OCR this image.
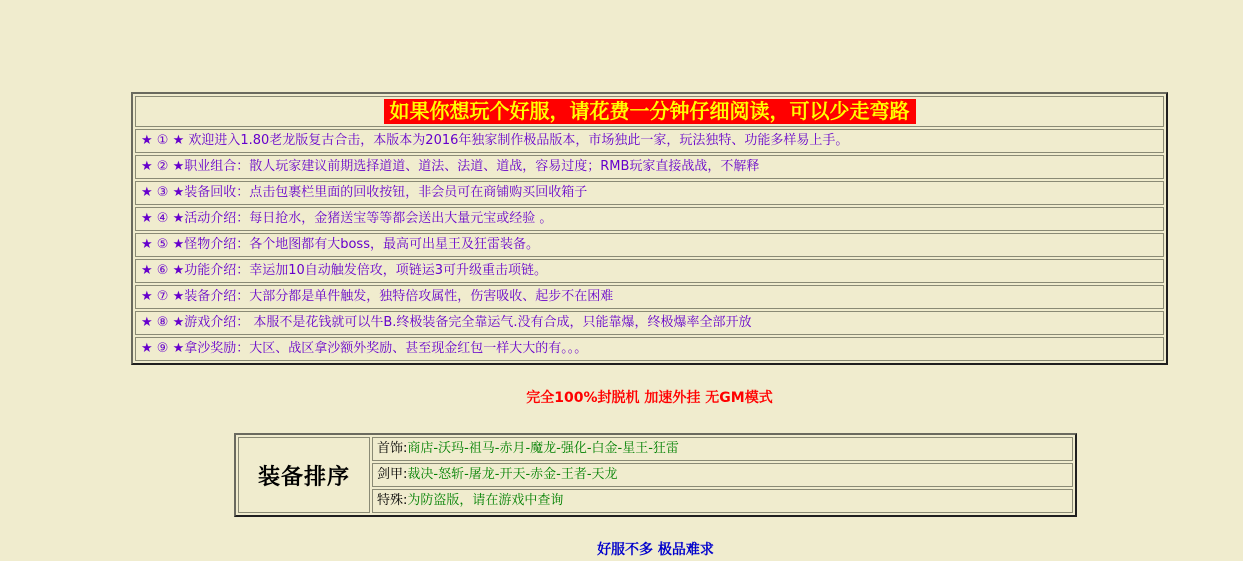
如果你想玩个好服，请花费一分钟仔细阅读，可以少走弯路
★ ① ★ 欢迎进入1.80老龙版复古合击，本版本为2016年独家制作极品版本，市场独此一家，玩法独特、功能多样易上手。
★ ② ★职业组合：散人玩家建议前期选择道道、道法、法道、道战，容易过度；RMB玩家直接战战，不解释
★ ③ ★装备回收：点击包裹栏里面的回收按钮，非会员可在商铺购买回收箱子
★ ④ ★活动介绍：每日抢水，金猪送宝等等都会送出大量元宝或经验 。
★ ⑤ ★怪物介绍：各个地图都有大boss，最高可出星王及狂雷装备。
★ ⑥ ★功能介绍：幸运加10自动触发倍攻，项链运3可升级重击项链。
★ ⑦ ★装备介绍：大部分都是单件触发，独特倍攻属性，伤害吸收、起步不在困难
★ ⑧ ★游戏介绍： 本服不是花钱就可以牛B.终极装备完全靠运气.没有合成，只能靠爆，终极爆率全部开放
★ ⑨ ★拿沙奖励：大区、战区拿沙额外奖励、甚至现金红包一样大大的有。。。
完全100%封脱机 加速外挂 无GM模式
装备排序
首饰:商店-沃玛-祖马-赤月-魔龙-强化-白金-星王-狂雷
剑甲:裁决-怒斩-屠龙-开天-赤金-王者-天龙
特殊:为防盗版，请在游戏中查询
好服不多 极品难求
